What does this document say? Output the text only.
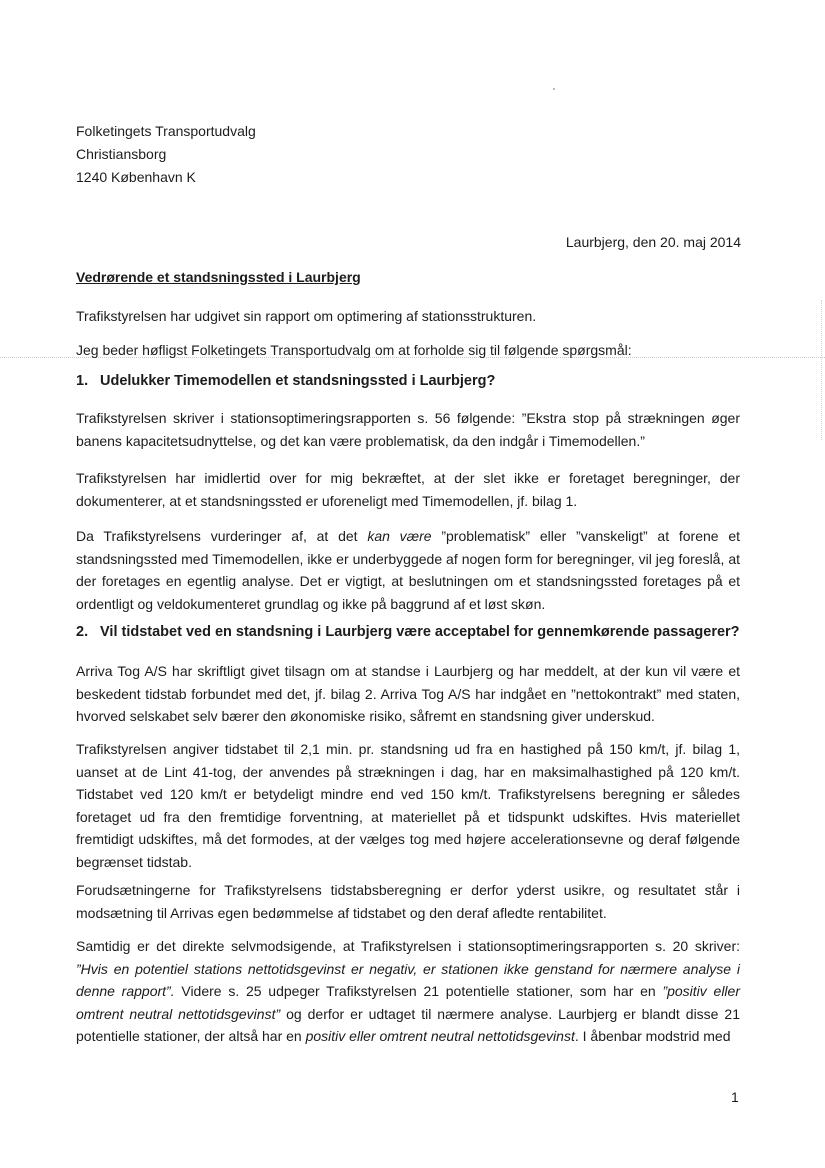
Folketingets Transportudvalg
Christiansborg
1240 København K
Laurbjerg, den 20. maj 2014
Vedrørende et standsningssted i Laurbjerg

Trafikstyrelsen har udgivet sin rapport om optimering af stationsstrukturen.

Jeg beder høfligst Folketingets Transportudvalg om at forholde sig til følgende spørgsmål:

1. Udelukker Timemodellen et standsningssted i Laurbjerg?

Trafikstyrelsen skriver i stationsoptimeringsrapporten s. 56 følgende: ”Ekstra stop på strækningen øger banens kapacitetsudnyttelse, og det kan være problematisk, da den indgår i Timemodellen.”

Trafikstyrelsen har imidlertid over for mig bekræftet, at der slet ikke er foretaget beregninger, der dokumenterer, at et standsningssted er uforeneligt med Timemodellen, jf. bilag 1.

Da Trafikstyrelsens vurderinger af, at det kan være ”problematisk” eller ”vanskeligt” at forene et standsningssted med Timemodellen, ikke er underbyggede af nogen form for beregninger, vil jeg foreslå, at der foretages en egentlig analyse. Det er vigtigt, at beslutningen om et standsningssted foretages på et ordentligt og veldokumenteret grundlag og ikke på baggrund af et løst skøn.

2. Vil tidstabet ved en standsning i Laurbjerg være acceptabel for gennemkørende passagerer?

Arriva Tog A/S har skriftligt givet tilsagn om at standse i Laurbjerg og har meddelt, at der kun vil være et beskedent tidstab forbundet med det, jf. bilag 2. Arriva Tog A/S har indgået en ”nettokontrakt” med staten, hvorved selskabet selv bærer den økonomiske risiko, såfremt en standsning giver underskud.

Trafikstyrelsen angiver tidstabet til 2,1 min. pr. standsning ud fra en hastighed på 150 km/t, jf. bilag 1, uanset at de Lint 41-tog, der anvendes på strækningen i dag, har en maksimalhastighed på 120 km/t. Tidstabet ved 120 km/t er betydeligt mindre end ved 150 km/t. Trafikstyrelsens beregning er således foretaget ud fra den fremtidige forventning, at materiellet på et tidspunkt udskiftes. Hvis materiellet fremtidigt udskiftes, må det formodes, at der vælges tog med højere accelerationsevne og deraf følgende begrænset tidstab.

Forudsætningerne for Trafikstyrelsens tidstabsberegning er derfor yderst usikre, og resultatet står i modsætning til Arrivas egen bedømmelse af tidstabet og den deraf afledte rentabilitet.

Samtidig er det direkte selvmodsigende, at Trafikstyrelsen i stationsoptimeringsrapporten s. 20 skriver: ”Hvis en potentiel stations nettotidsgevinst er negativ, er stationen ikke genstand for nærmere analyse i denne rapport”. Videre s. 25 udpeger Trafikstyrelsen 21 potentielle stationer, som har en ”positiv eller omtrent neutral nettotidsgevinst” og derfor er udtaget til nærmere analyse. Laurbjerg er blandt disse 21 potentielle stationer, der altså har en positiv eller omtrent neutral nettotidsgevinst. I åbenbar modstrid med

1
